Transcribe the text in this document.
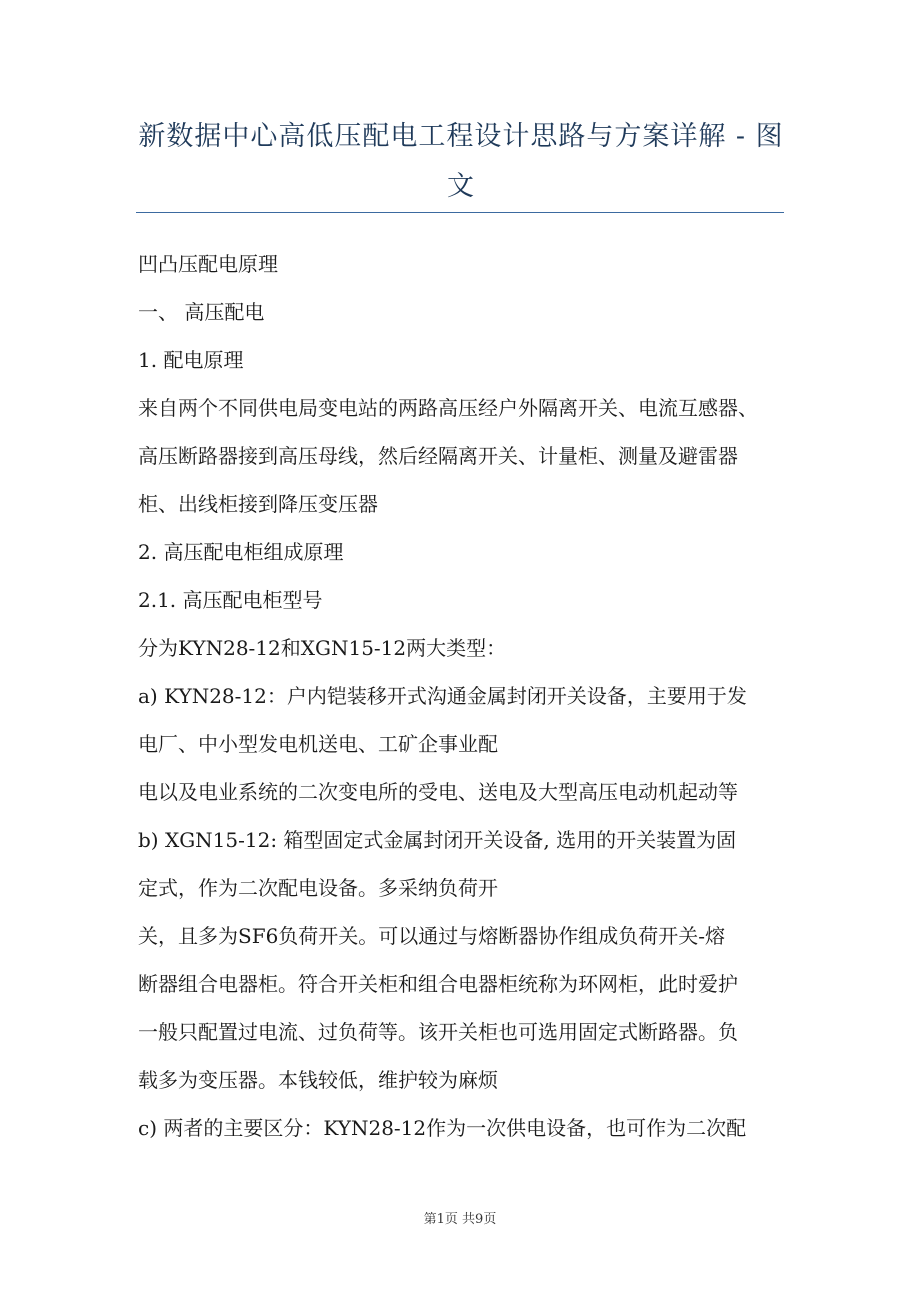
新数据中心高低压配电工程设计思路与方案详解 - 图文
凹凸压配电原理
一、 高压配电
1. 配电原理
来自两个不同供电局变电站的两路高压经户外隔离开关、电流互感器、
高压断路器接到高压母线，然后经隔离开关、计量柜、测量及避雷器
柜、出线柜接到降压变压器
2. 高压配电柜组成原理
2.1. 高压配电柜型号
分为KYN28-12和XGN15-12两大类型：
a) KYN28-12：户内铠装移开式沟通金属封闭开关设备，主要用于发
电厂、中小型发电机送电、工矿企事业配
电以及电业系统的二次变电所的受电、送电及大型高压电动机起动等
b) XGN15-12: 箱型固定式金属封闭开关设备, 选用的开关装置为固
定式，作为二次配电设备。多采纳负荷开
关，且多为SF6负荷开关。可以通过与熔断器协作组成负荷开关-熔
断器组合电器柜。符合开关柜和组合电器柜统称为环网柜，此时爱护
一般只配置过电流、过负荷等。该开关柜也可选用固定式断路器。负
载多为变压器。本钱较低，维护较为麻烦
c) 两者的主要区分：KYN28-12作为一次供电设备，也可作为二次配
第1页 共9页
